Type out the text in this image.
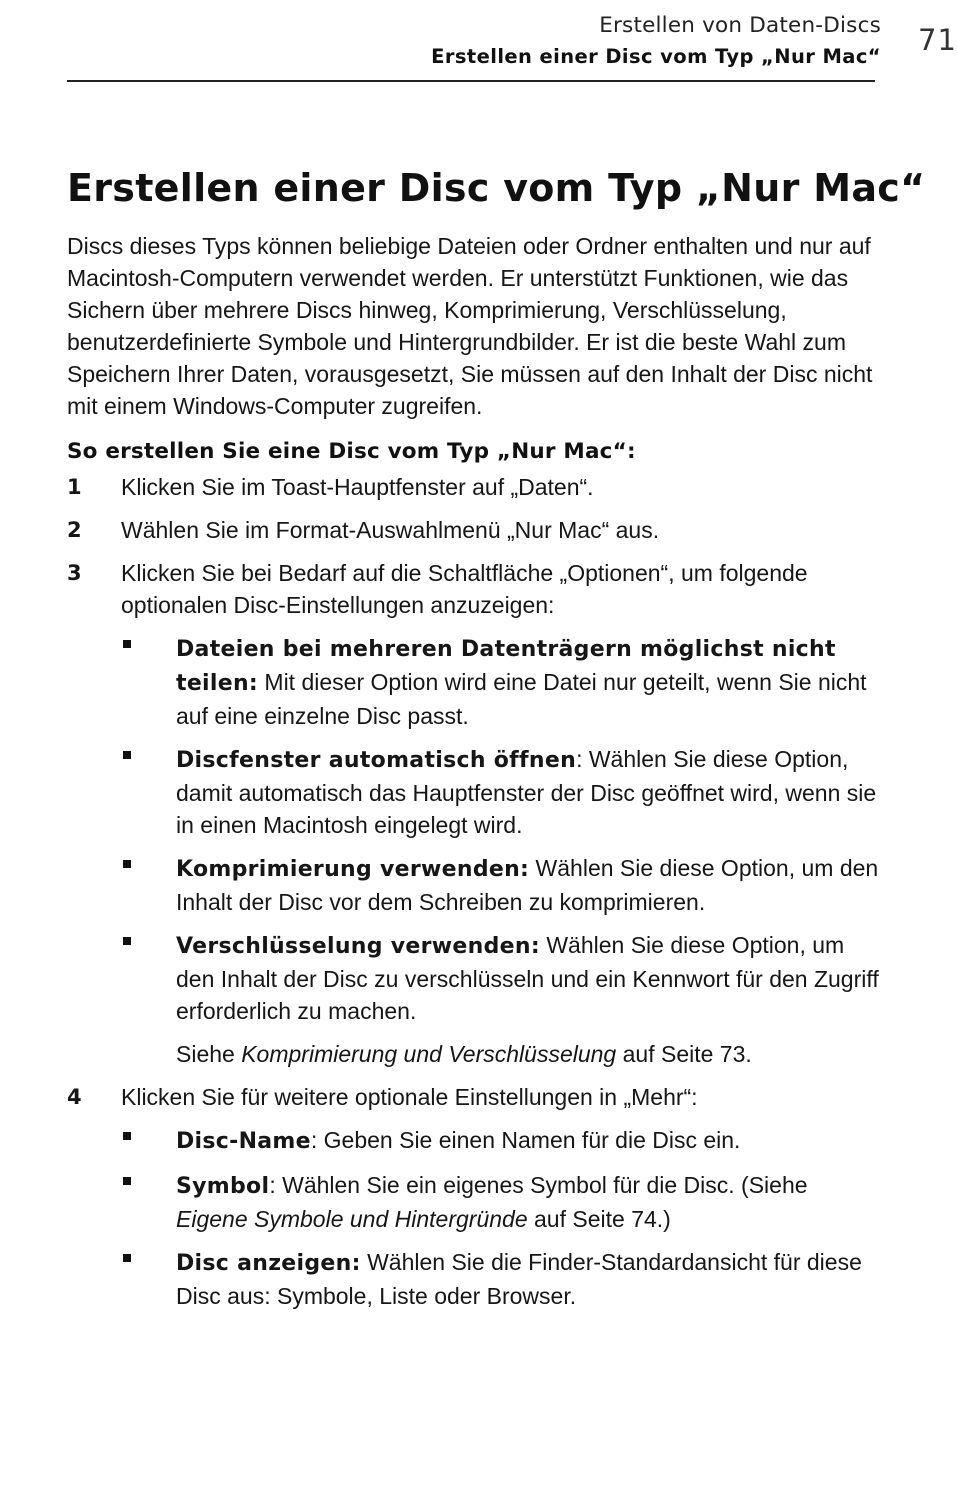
Erstellen von Daten-Discs
Erstellen einer Disc vom Typ „Nur Mac“ 71
Erstellen einer Disc vom Typ „Nur Mac“

Discs dieses Typs können beliebige Dateien oder Ordner enthalten und nur auf Macintosh-Computern verwendet werden. Er unterstützt Funktionen, wie das Sichern über mehrere Discs hinweg, Komprimierung, Verschlüsselung, benutzerdefinierte Symbole und Hintergrundbilder. Er ist die beste Wahl zum Speichern Ihrer Daten, vorausgesetzt, Sie müssen auf den Inhalt der Disc nicht mit einem Windows-Computer zugreifen.

So erstellen Sie eine Disc vom Typ „Nur Mac“:
1 Klicken Sie im Toast-Hauptfenster auf „Daten“.
2 Wählen Sie im Format-Auswahlmenü „Nur Mac“ aus.
3 Klicken Sie bei Bedarf auf die Schaltfläche „Optionen“, um folgende optionalen Disc-Einstellungen anzuzeigen:
Dateien bei mehreren Datenträgern möglichst nicht teilen: Mit dieser Option wird eine Datei nur geteilt, wenn Sie nicht auf eine einzelne Disc passt.
Discfenster automatisch öffnen: Wählen Sie diese Option, damit automatisch das Hauptfenster der Disc geöffnet wird, wenn sie in einen Macintosh eingelegt wird.
Komprimierung verwenden: Wählen Sie diese Option, um den Inhalt der Disc vor dem Schreiben zu komprimieren.
Verschlüsselung verwenden: Wählen Sie diese Option, um den Inhalt der Disc zu verschlüsseln und ein Kennwort für den Zugriff erforderlich zu machen.
Siehe Komprimierung und Verschlüsselung auf Seite 73.
4 Klicken Sie für weitere optionale Einstellungen in „Mehr“:
Disc-Name: Geben Sie einen Namen für die Disc ein.
Symbol: Wählen Sie ein eigenes Symbol für die Disc. (Siehe Eigene Symbole und Hintergründe auf Seite 74.)
Disc anzeigen: Wählen Sie die Finder-Standardansicht für diese Disc aus: Symbole, Liste oder Browser.
